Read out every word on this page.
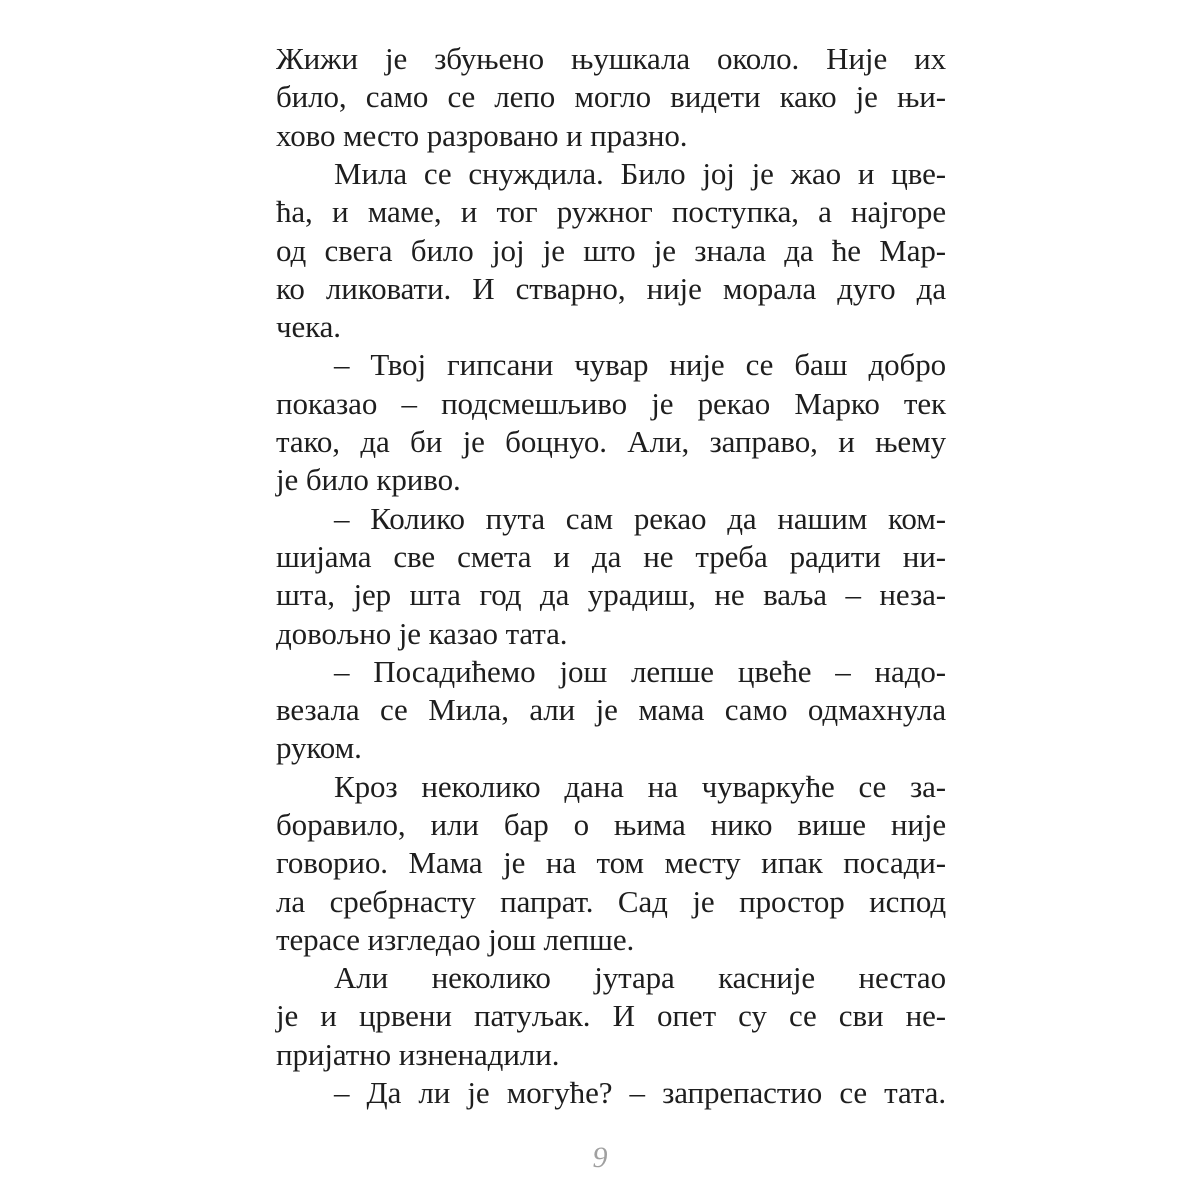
Жижи је збуњено њушкала около. Није их
било, само се лепо могло видети како је њи-
хово место разровано и празно.
Мила се снуждила. Било јој је жао и цве-
ћа, и маме, и тог ружног поступка, а најгоре
од свега било јој је што је знала да ће Мар-
ко ликовати. И стварно, није морала дуго да
чека.
– Твој гипсани чувар није се баш добро
показао – подсмешљиво је рекао Марко тек
тако, да би је боцнуо. Али, заправо, и њему
је било криво.
– Колико пута сам рекао да нашим ком-
шијама све смета и да не треба радити ни-
шта, јер шта год да урадиш, не ваља – неза-
довољно је казао тата.
– Посадићемо још лепше цвеће – надо-
везала се Мила, али је мама само одмахнула
руком.
Кроз неколико дана на чуваркуће се за-
боравило, или бар о њима нико више није
говорио. Мама је на том месту ипак посади-
ла сребрнасту папрат. Сад је простор испод
терасе изгледао још лепше.
Али неколико јутара касније нестао
је и црвени патуљак. И опет су се сви не-
пријатно изненадили.
– Да ли је могуће? – запрепастио се тата.
9
